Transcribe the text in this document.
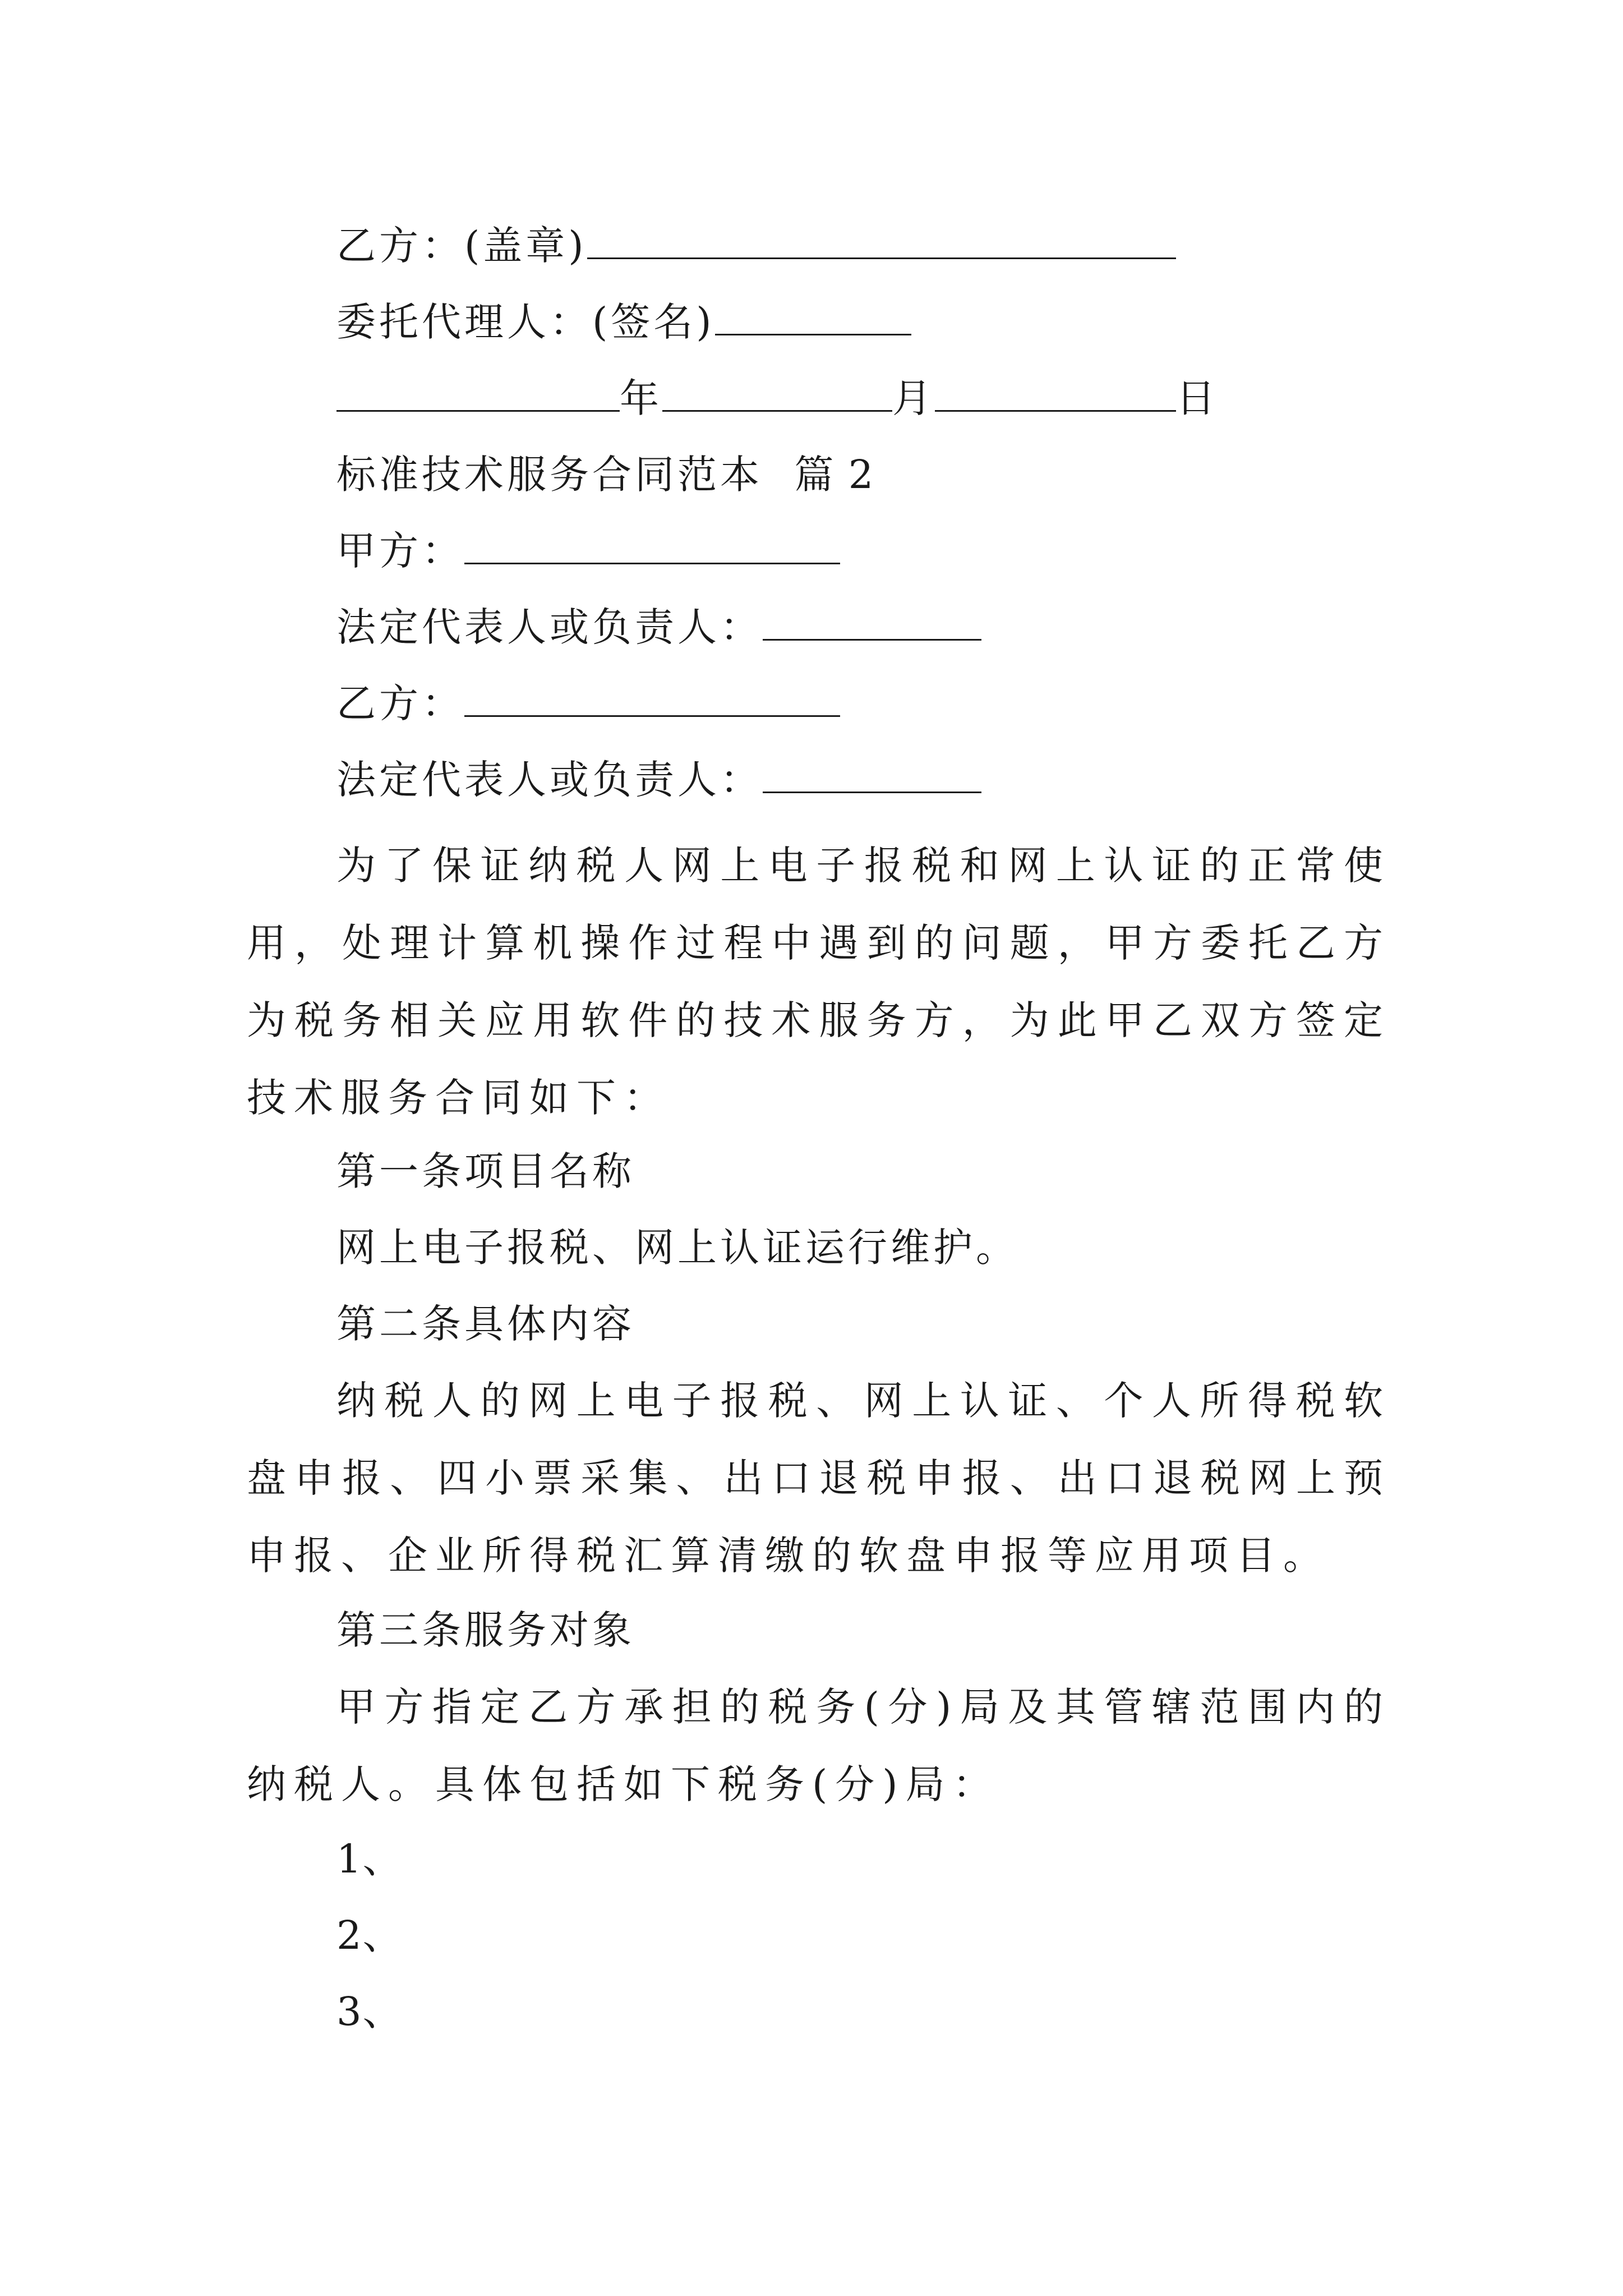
乙方：(盖章)
委托代理人：(签名)
年	月	日
标准技术服务合同范本 篇 2
甲方：
法定代表人或负责人：
乙方：
法定代表人或负责人：
为了保证纳税人网上电子报税和网上认证的正常使用，处理计算机操作过程中遇到的问题，甲方委托乙方为税务相关应用软件的技术服务方，为此甲乙双方签定技术服务合同如下：
第一条项目名称
网上电子报税、网上认证运行维护。
第二条具体内容
纳税人的网上电子报税、网上认证、个人所得税软盘申报、四小票采集、出口退税申报、出口退税网上预申报、企业所得税汇算清缴的软盘申报等应用项目。
第三条服务对象
甲方指定乙方承担的税务(分)局及其管辖范围内的纳税人。具体包括如下税务(分)局：
1、
2、
3、
